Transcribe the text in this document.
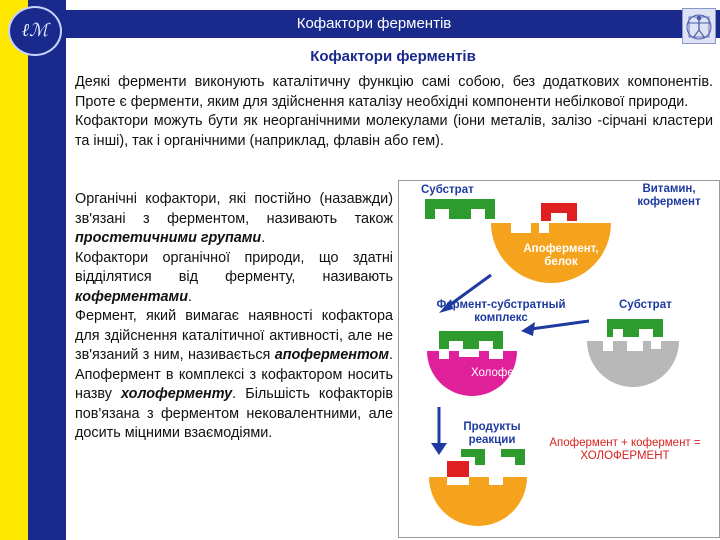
Кофактори ферментів
ℓℳ
Кофактори ферментів

Деякі ферменти виконують каталітичну функцію самі собою, без додаткових компонентів. Проте є ферменти, яким для здійснення каталізу необхідні компоненти небілкової природи.

Кофактори можуть бути як неорганічними молекулами (іони металів, залізо -сірчані кластери та інші), так і органічними (наприклад, флавін або гем).

Органічні кофактори, які постійно (назавжди) зв'язані з ферментом, називають також простетичними групами.

Кофактори органічної природи, що здатні відділятися від ферменту, називають коферментами.

Фермент, який вимагає наявності кофактора для здійснення каталітичної активності, але не зв'язаний з ним, називається апоферментом. Апофермент в комплексі з кофактором носить назву холоферменту. Більшість кофакторів пов'язана з ферментом нековалентними, але досить міцними взаємодіями.

Субстрат	Витамин,
кофермент
Апофермент,
белок
Фермент-субстратный
комплекс
Субстрат
Холофермент
Продукты
реакции	Апофермент + кофермент =
ХОЛОФЕРМЕНТ
